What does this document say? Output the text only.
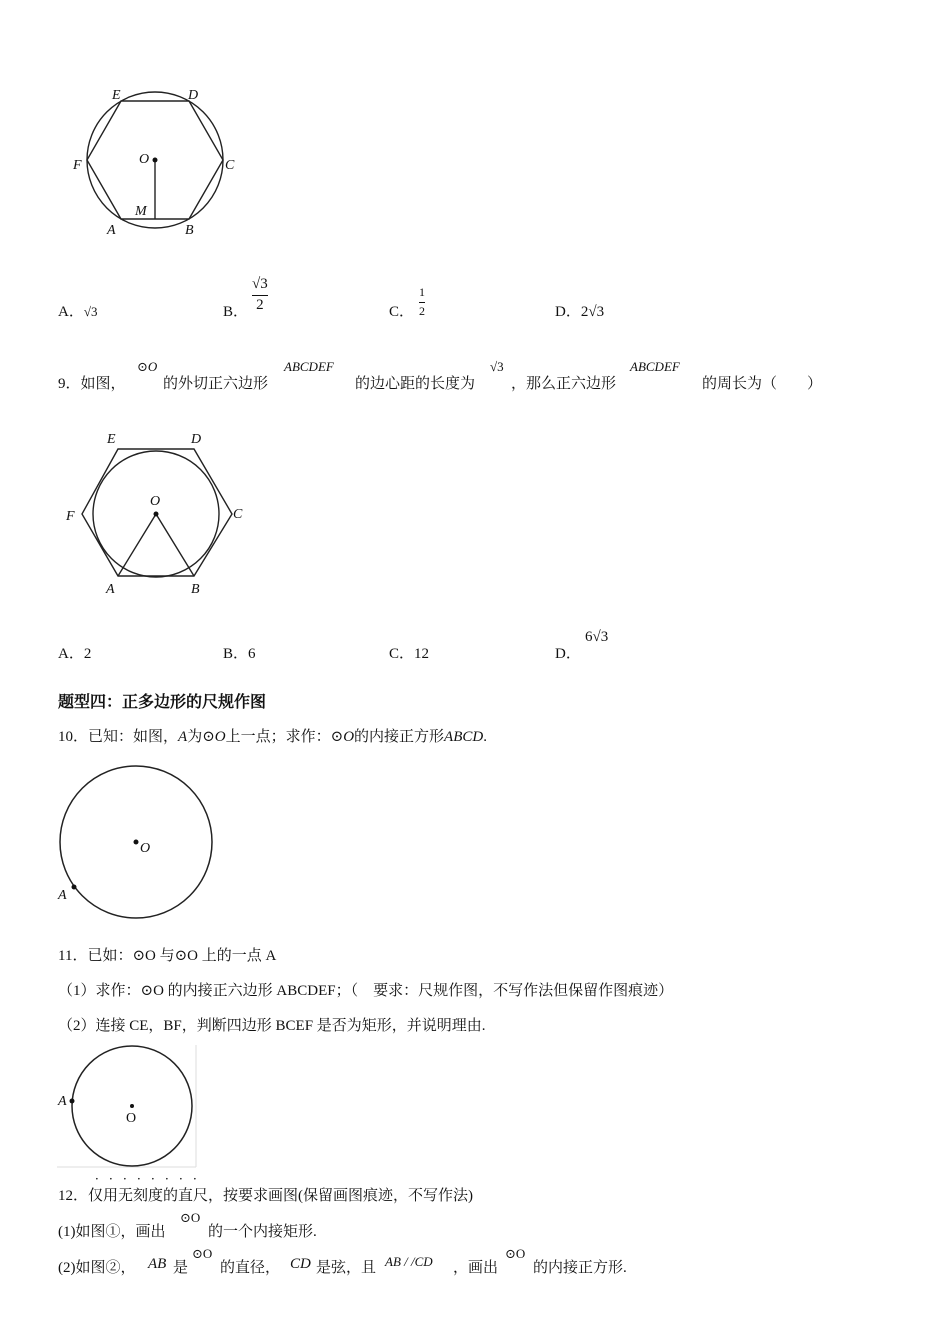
E	D
F	O	C
M
A	B
A．√3	B．
√3
2	C．
1
2	D．2√3
9．如图，
⊙O
的外切正六边形
ABCDEF
的边心距的长度为
√3
，那么正六边形
ABCDEF
的周长为（　　）
E	D
O
F	C
A	B
A．2	B．6	C．12	D．
6√3
题型四：正多边形的尺规作图
10．已知：如图，A为⊙O上一点；求作：⊙O的内接正方形ABCD.
O
A
11．已如：⊙O 与⊙O 上的一点 A
（1）求作：⊙O 的内接正六边形 ABCDEF；（　要求：尺规作图，不写作法但保留作图痕迹）
（2）连接 CE，BF，判断四边形 BCEF 是否为矩形，并说明理由.
A
O
．．．．．．．．
12．仅用无刻度的直尺，按要求画图(保留画图痕迹，不写作法)
(1)如图①，画出
⊙O
的一个内接矩形.
(2)如图②， AB 是
⊙O
的直径， CD 是弦，且 AB / /CD ，画出
⊙O
的内接正方形.
